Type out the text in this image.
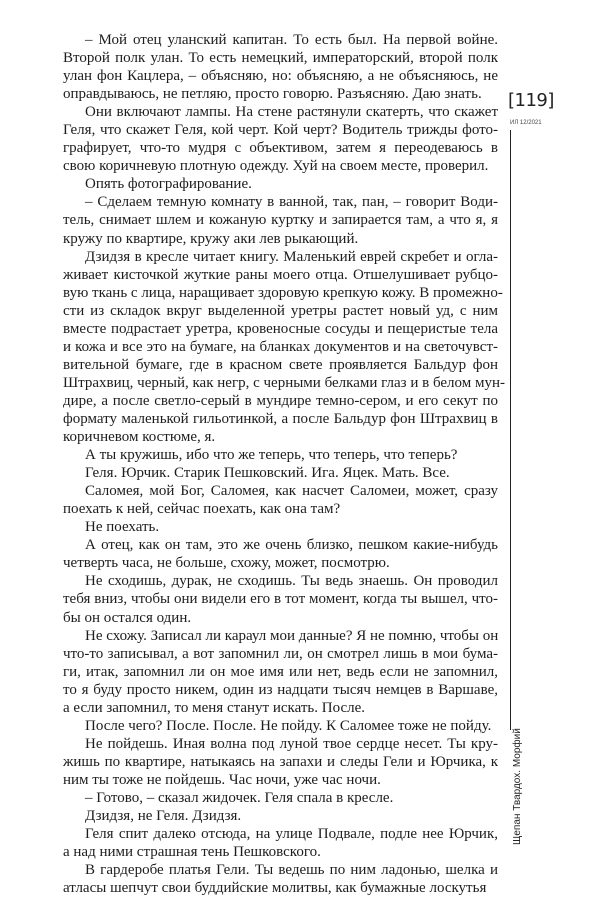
– Мой отец уланский капитан. То есть был. На первой войне.
Второй полк улан. То есть немецкий, императорский, второй полк
улан фон Кацлера, – объясняю, но: объясняю, а не объясняюсь, не
оправдываюсь, не петляю, просто говорю. Разъясняю. Даю знать.
Они включают лампы. На стене растянули скатерть, что скажет
Геля, что скажет Геля, кой черт. Кой черт? Водитель трижды фото-
графирует, что-то мудря с объективом, затем я переодеваюсь в
свою коричневую плотную одежду. Хуй на своем месте, проверил.
Опять фотографирование.
– Сделаем темную комнату в ванной, так, пан, – говорит Води-
тель, снимает шлем и кожаную куртку и запирается там, а что я, я
кружу по квартире, кружу аки лев рыкающий.
Дзидзя в кресле читает книгу. Маленький еврей скребет и огла-
живает кисточкой жуткие раны моего отца. Отшелушивает рубцо-
вую ткань с лица, наращивает здоровую крепкую кожу. В промежно-
сти из складок вкруг выделенной уретры растет новый уд, с ним
вместе подрастает уретра, кровеносные сосуды и пещеристые тела
и кожа и все это на бумаге, на бланках документов и на светочувст-
вительной бумаге, где в красном свете проявляется Бальдур фон
Штрахвиц, черный, как негр, с черными белками глаз и в белом мун-
дире, а после светло-серый в мундире темно-сером, и его секут по
формату маленькой гильотинкой, а после Бальдур фон Штрахвиц в
коричневом костюме, я.
А ты кружишь, ибо что же теперь, что теперь, что теперь?
Геля. Юрчик. Старик Пешковский. Ига. Яцек. Мать. Все.
Саломея, мой Бог, Саломея, как насчет Саломеи, может, сразу
поехать к ней, сейчас поехать, как она там?
Не поехать.
А отец, как он там, это же очень близко, пешком какие-нибудь
четверть часа, не больше, схожу, может, посмотрю.
Не сходишь, дурак, не сходишь. Ты ведь знаешь. Он проводил
тебя вниз, чтобы они видели его в тот момент, когда ты вышел, что-
бы он остался один.
Не схожу. Записал ли караул мои данные? Я не помню, чтобы он
что-то записывал, а вот запомнил ли, он смотрел лишь в мои бума-
ги, итак, запомнил ли он мое имя или нет, ведь если не запомнил,
то я буду просто никем, один из надцати тысяч немцев в Варшаве,
а если запомнил, то меня станут искать. После.
После чего? После. После. Не пойду. К Саломее тоже не пойду.
Не пойдешь. Иная волна под луной твое сердце несет. Ты кру-
жишь по квартире, натыкаясь на запахи и следы Гели и Юрчика, к
ним ты тоже не пойдешь. Час ночи, уже час ночи.
– Готово, – сказал жидочек. Геля спала в кресле.
Дзидзя, не Геля. Дзидзя.
Геля спит далеко отсюда, на улице Подвале, подле нее Юрчик,
а над ними страшная тень Пешковского.
В гардеробе платья Гели. Ты ведешь по ним ладонью, шелка и
атласы шепчут свои буддийские молитвы, как бумажные лоскутья
[119]
ИЛ 12/2021
Щепан Твардох. Морфий
